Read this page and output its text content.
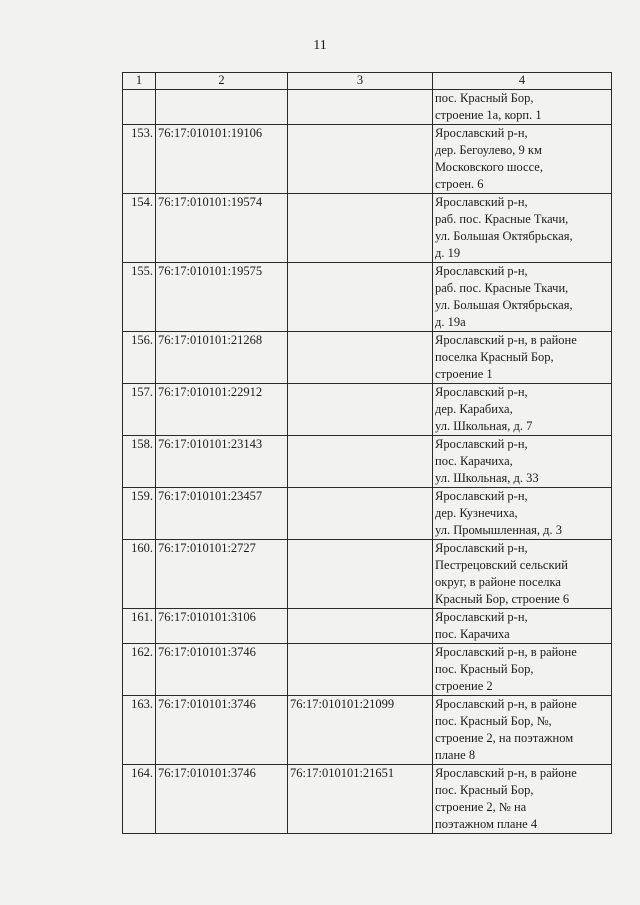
11
1	2	3	4

			пос. Красный Бор,
строение 1а, корп. 1

153.	76:17:010101:19106		Ярославский р-н,
дер. Бегоулево, 9 км
Московского шоссе,
строен. 6

154.	76:17:010101:19574		Ярославский р-н,
раб. пос. Красные Ткачи,
ул. Большая Октябрьская,
д. 19

155.	76:17:010101:19575		Ярославский р-н,
раб. пос. Красные Ткачи,
ул. Большая Октябрьская,
д. 19а

156.	76:17:010101:21268		Ярославский р-н, в районе
поселка Красный Бор,
строение 1

157.	76:17:010101:22912		Ярославский р-н,
дер. Карабиха,
ул. Школьная, д. 7

158.	76:17:010101:23143		Ярославский р-н,
пос. Карачиха,
ул. Школьная, д. 33

159.	76:17:010101:23457		Ярославский р-н,
дер. Кузнечиха,
ул. Промышленная, д. 3

160.	76:17:010101:2727		Ярославский р-н,
Пестрецовский сельский
округ, в районе поселка
Красный Бор, строение 6

161.	76:17:010101:3106		Ярославский р-н,
пос. Карачиха

162.	76:17:010101:3746		Ярославский р-н, в районе
пос. Красный Бор,
строение 2

163.	76:17:010101:3746	76:17:010101:21099	Ярославский р-н, в районе
пос. Красный Бор, №,
строение 2, на поэтажном
плане 8

164.	76:17:010101:3746	76:17:010101:21651	Ярославский р-н, в районе
пос. Красный Бор,
строение 2, № на
поэтажном плане 4
